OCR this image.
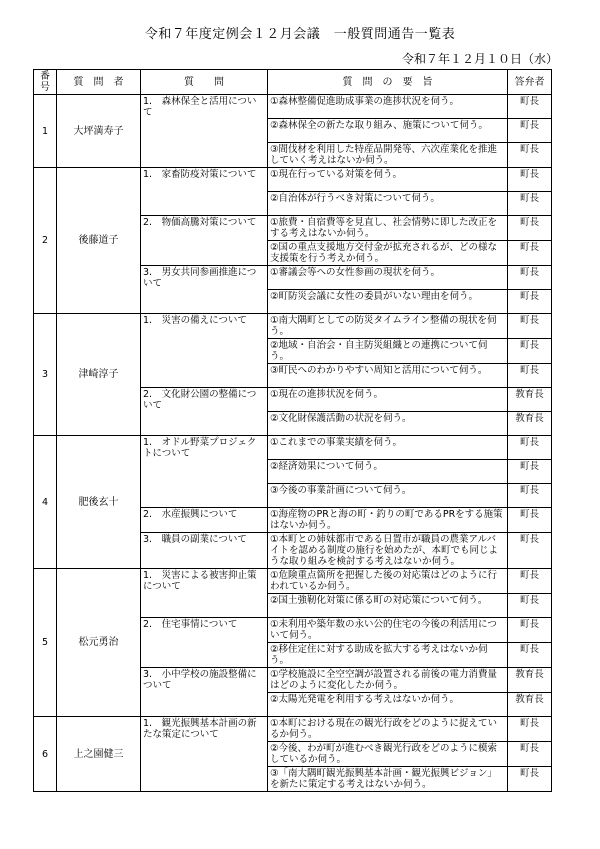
令和７年度定例会１２月会議　一般質問通告一覧表
令和７年１２月１０日（水）
番号	質　問　者	質　　問	質　問　の　要　旨	答弁者
1	大坪満寿子	1.　森林保全と活用について	①森林整備促進助成事業の進捗状況を伺う。	町長
			②森林保全の新たな取り組み、施策について伺う。	町長
			③間伐材を利用した特産品開発等、六次産業化を推進していく考えはないか伺う。	町長
2	後藤道子	1.　家畜防疫対策について	①現在行っている対策を伺う。	町長
			②自治体が行うべき対策について伺う。	町長
		2.　物価高騰対策について	①旅費・自宿費等を見直し、社会情勢に即した改正をする考えはないか伺う。	町長
			②国の重点支援地方交付金が拡充されるが、どの様な支援策を行う考えか伺う。	町長
		3.　男女共同参画推進について	①審議会等への女性参画の現状を伺う。	町長
			②町防災会議に女性の委員がいない理由を伺う。	町長
3	津崎淳子	1.　災害の備えについて	①南大隅町としての防災タイムライン整備の現状を伺う。	町長
			②地域・自治会・自主防災組織との連携について伺う。	町長
			③町民へのわかりやすい周知と活用について伺う。	町長
		2.　文化財公園の整備について	①現在の進捗状況を伺う。	教育長
			②文化財保護活動の状況を伺う。	教育長
4	肥後玄十	1.　オドル野菜プロジェクトについて	①これまでの事業実績を伺う。	町長
			②経済効果について伺う。	町長
			③今後の事業計画について伺う。	町長
		2.　水産振興について	①海産物のPRと海の町・釣りの町であるPRをする施策はないか伺う。	町長
		3.　職員の副業について	①本町との姉妹都市である日置市が職員の農業アルバイトを認める制度の施行を始めたが、本町でも同じような取り組みを検討する考えはないか伺う。	町長
5	松元勇治	1.　災害による被害抑止策について	①危険重点箇所を把握した後の対応策はどのように行われているか伺う。	町長
			②国土強靭化対策に係る町の対応策について伺う。	町長
		2.　住宅事情について	①未利用や築年数の永い公的住宅の今後の利活用について伺う。	町長
			②移住定住に対する助成を拡大する考えはないか伺う。	町長
		3.　小中学校の施設整備について	①学校施設に全空空調が設置される前後の電力消費量はどのように変化したか伺う。	教育長
			②太陽光発電を利用する考えはないか伺う。	教育長
6	上之園健三	1.　観光振興基本計画の新たな策定について	①本町における現在の観光行政をどのように捉えているか伺う。	町長
			②今後、わが町が進むべき観光行政をどのように模索しているか伺う。	町長
			③「南大隅町観光振興基本計画・観光振興ビジョン」を新たに策定する考えはないか伺う。	町長
